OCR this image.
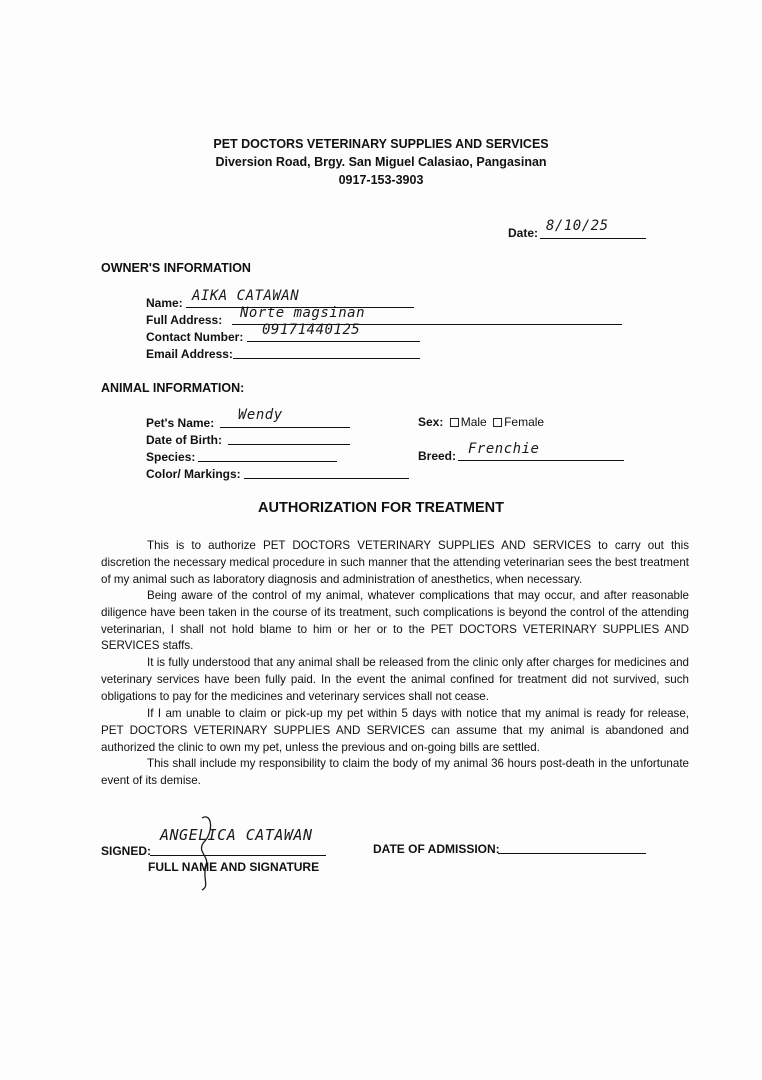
PET DOCTORS VETERINARY SUPPLIES AND SERVICES
Diversion Road, Brgy. San Miguel Calasiao, Pangasinan
0917-153-3903
Date: 8/10/25
OWNER'S INFORMATION
Name: AIKA CATAWAN
Full Address: Norte magsinan
Contact Number: 09171440125
Email Address:
ANIMAL INFORMATION:
Pet's Name: Wendy
Date of Birth:
Species:
Color/ Markings:
Sex: Male Female
Breed: Frenchie
AUTHORIZATION FOR TREATMENT

This is to authorize PET DOCTORS VETERINARY SUPPLIES AND SERVICES to carry out this discretion the necessary medical procedure in such manner that the attending veterinarian sees the best treatment of my animal such as laboratory diagnosis and administration of anesthetics, when necessary.

Being aware of the control of my animal, whatever complications that may occur, and after reasonable diligence have been taken in the course of its treatment, such complications is beyond the control of the attending veterinarian, I shall not hold blame to him or her or to the PET DOCTORS VETERINARY SUPPLIES AND SERVICES staffs.

It is fully understood that any animal shall be released from the clinic only after charges for medicines and veterinary services have been fully paid. In the event the animal confined for treatment did not survived, such obligations to pay for the medicines and veterinary services shall not cease.

If I am unable to claim or pick-up my pet within 5 days with notice that my animal is ready for release, PET DOCTORS VETERINARY SUPPLIES AND SERVICES can assume that my animal is abandoned and authorized the clinic to own my pet, unless the previous and on-going bills are settled.

This shall include my responsibility to claim the body of my animal 36 hours post-death in the unfortunate event of its demise.

SIGNED:
ANGELICA CATAWAN
FULL NAME AND SIGNATURE
DATE OF ADMISSION:
